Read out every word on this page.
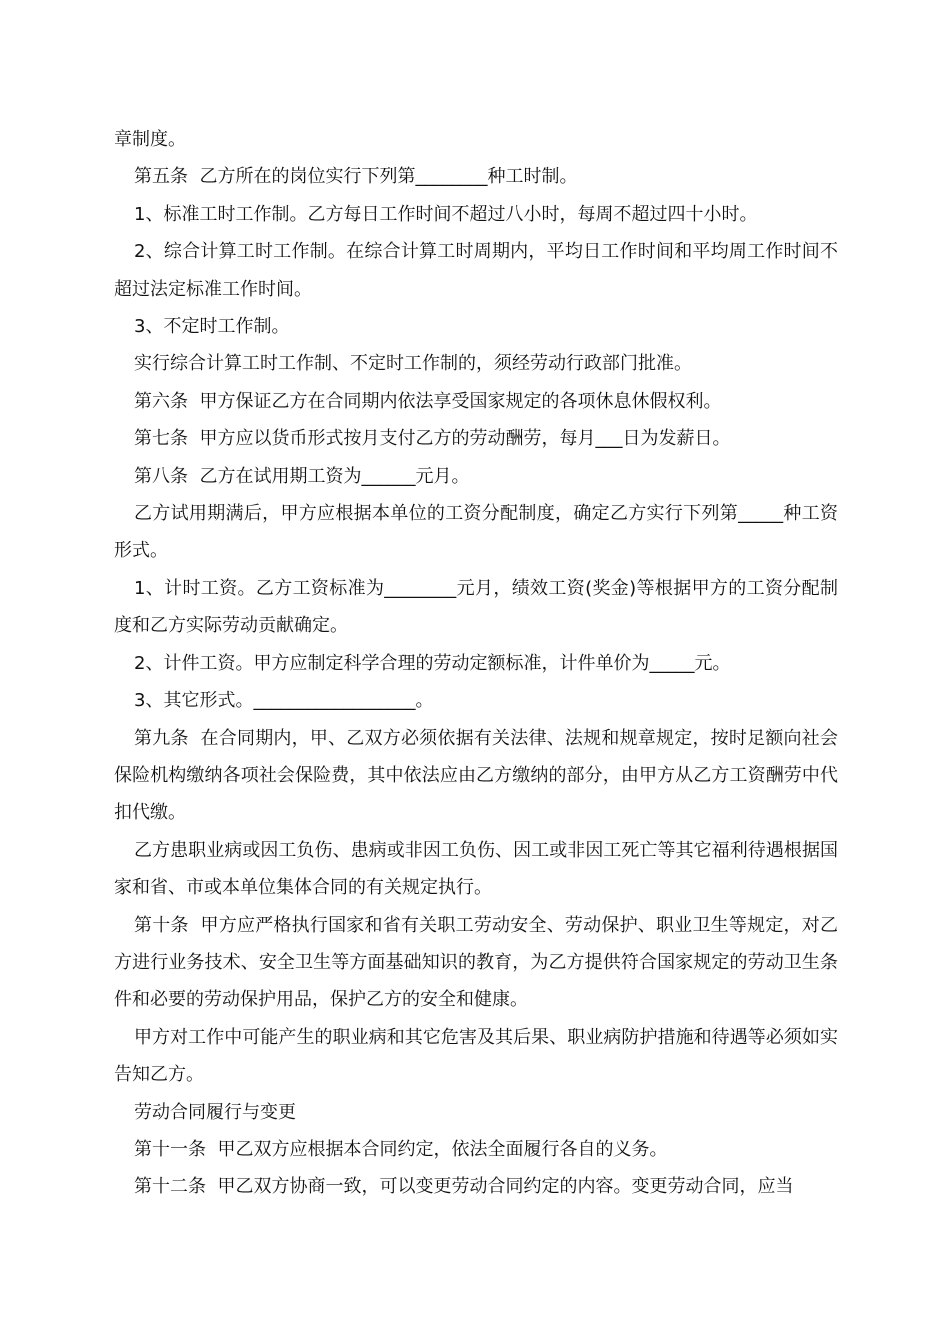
章制度。

第五条  乙方所在的岗位实行下列第________种工时制。

1、标准工时工作制。乙方每日工作时间不超过八小时，每周不超过四十小时。

2、综合计算工时工作制。在综合计算工时周期内，平均日工作时间和平均周工作时间不超过法定标准工作时间。

3、不定时工作制。

实行综合计算工时工作制、不定时工作制的，须经劳动行政部门批准。

第六条  甲方保证乙方在合同期内依法享受国家规定的各项休息休假权利。

第七条  甲方应以货币形式按月支付乙方的劳动酬劳，每月___日为发薪日。

第八条  乙方在试用期工资为______元月。

乙方试用期满后，甲方应根据本单位的工资分配制度，确定乙方实行下列第_____种工资形式。

1、计时工资。乙方工资标准为________元月，绩效工资(奖金)等根据甲方的工资分配制度和乙方实际劳动贡献确定。

2、计件工资。甲方应制定科学合理的劳动定额标准，计件单价为_____元。

3、其它形式。__________________。

第九条  在合同期内，甲、乙双方必须依据有关法律、法规和规章规定，按时足额向社会保险机构缴纳各项社会保险费，其中依法应由乙方缴纳的部分，由甲方从乙方工资酬劳中代扣代缴。

乙方患职业病或因工负伤、患病或非因工负伤、因工或非因工死亡等其它福利待遇根据国家和省、市或本单位集体合同的有关规定执行。

第十条  甲方应严格执行国家和省有关职工劳动安全、劳动保护、职业卫生等规定，对乙方进行业务技术、安全卫生等方面基础知识的教育，为乙方提供符合国家规定的劳动卫生条件和必要的劳动保护用品，保护乙方的安全和健康。

甲方对工作中可能产生的职业病和其它危害及其后果、职业病防护措施和待遇等必须如实告知乙方。

劳动合同履行与变更

第十一条  甲乙双方应根据本合同约定，依法全面履行各自的义务。

第十二条  甲乙双方协商一致，可以变更劳动合同约定的内容。变更劳动合同，应当
